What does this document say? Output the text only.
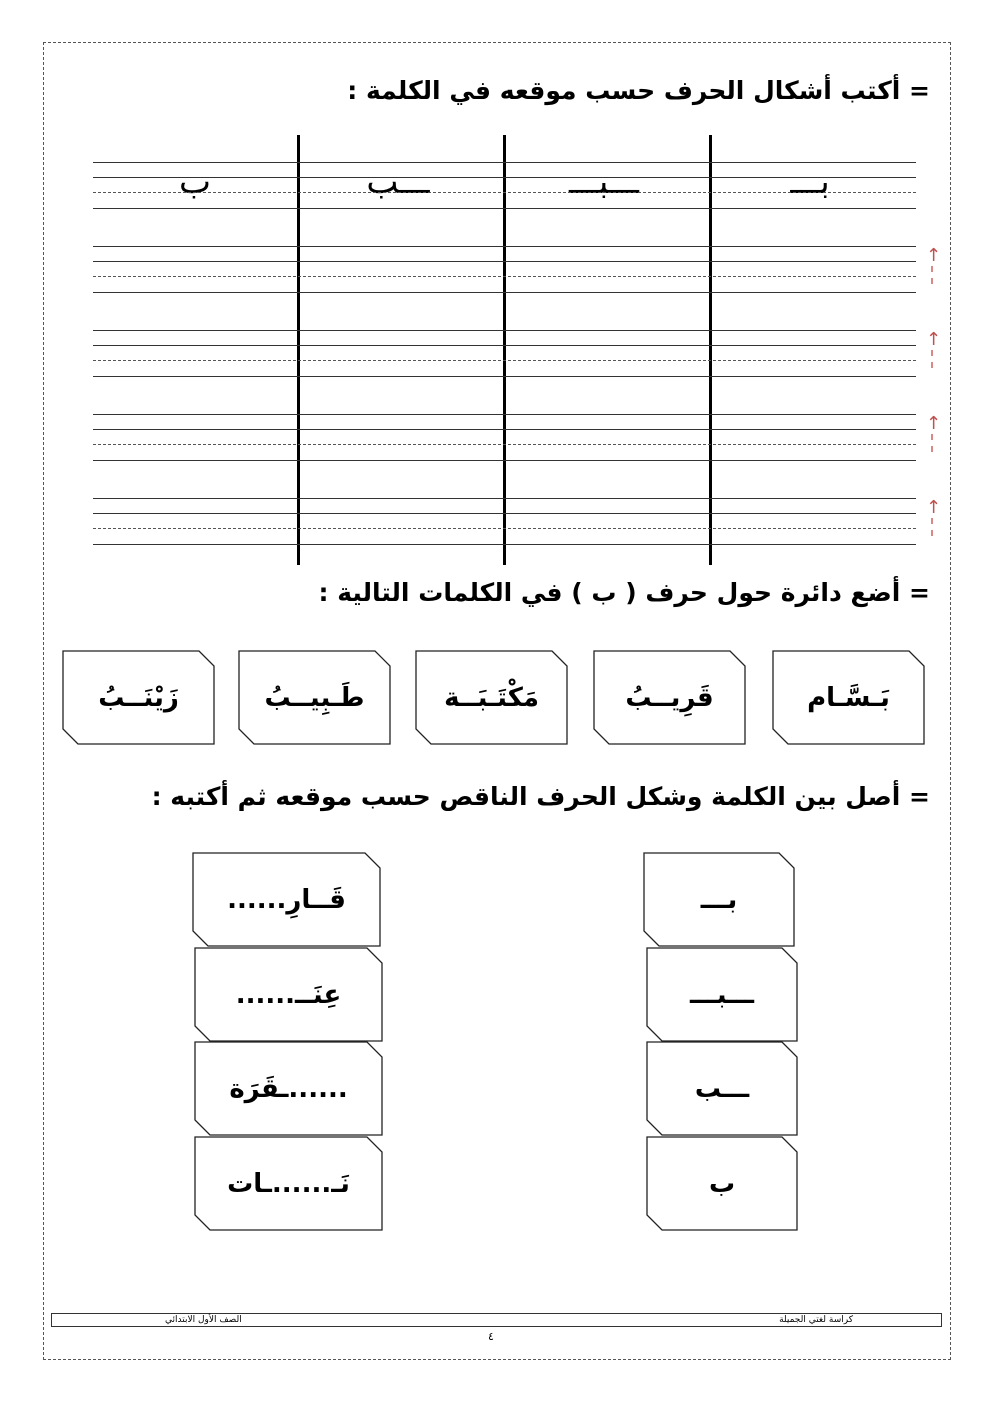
= أكتب أشكال الحرف حسب موقعه في الكلمة :
بـــ
ـــبـــ
ـــب
ب
= أضع دائرة حول حرف ( ب ) في الكلمات التالية :
= أصل بين الكلمة وشكل الحرف الناقص حسب موقعه ثم أكتبه :
كراسة لغتي الجميلة
الصف الأول الابتدائي
٤
↑
↑
↑
↑
بَـسَّـام
قَرِيــبُ
مَكْتَـبَــة
طَـبِيــبُ
زَيْنَــبُ
بـــ
قَــارِ......
ـــبـــ
عِنَــ......
ـــب
......ـقَرَة
ب
نَـ......ـات
